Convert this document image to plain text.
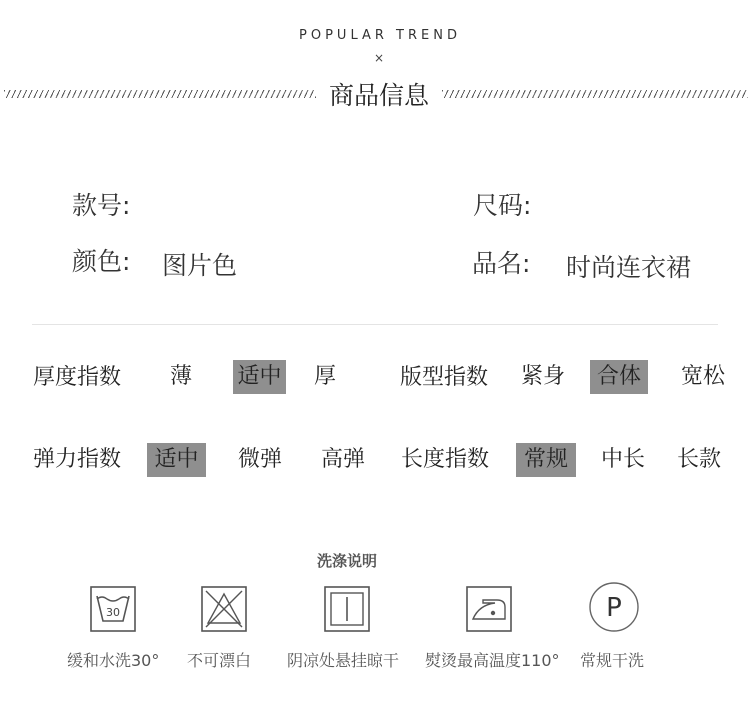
POPULAR TREND
×
商品信息
款号:	尺码:
颜色: 图片色	品名: 时尚连衣裙
厚度指数	薄	适中	厚	版型指数 紧身	合体	宽松
弹力指数	适中	微弹 高弹 长度指数	常规	中长 长款
洗涤说明
30
缓和水洗30° 不可漂白 阴凉处悬挂晾干 熨烫最高温度110°
P
常规干洗
